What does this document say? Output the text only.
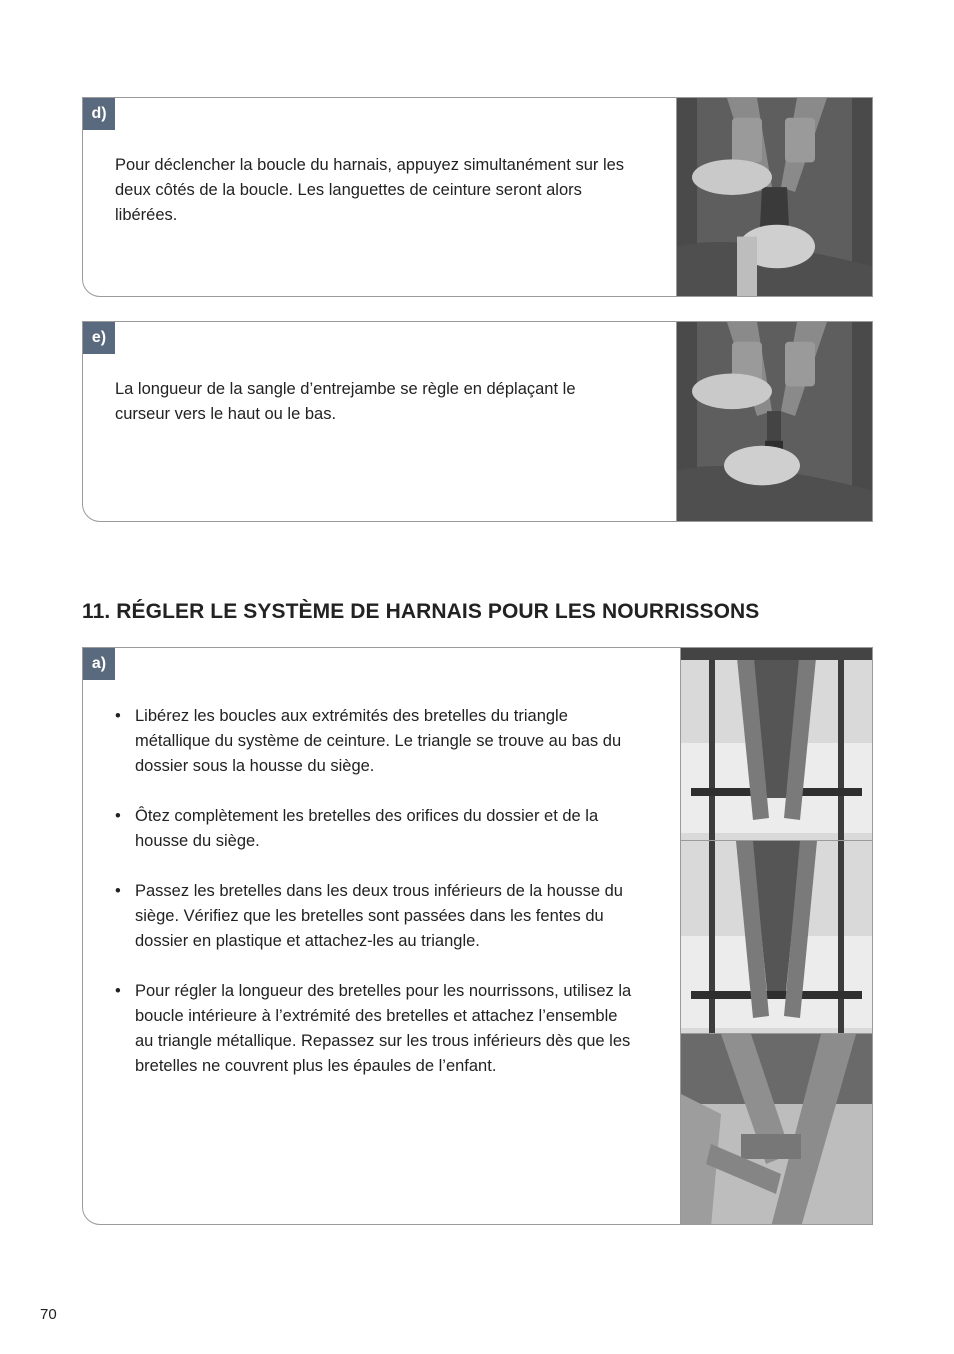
d)

Pour déclencher la boucle du harnais, appuyez simultanément sur les deux côtés de la boucle. Les languettes de ceinture seront alors libérées.

e)

La longueur de la sangle d’entrejambe se règle en déplaçant le curseur vers le haut ou le bas.

11. RÉGLER LE SYSTÈME DE HARNAIS POUR LES NOURRISSONS
a)
• Libérez les boucles aux extrémités des bretelles du triangle métallique du système de ceinture. Le triangle se trouve au bas du dossier sous la housse du siège.
• Ôtez complètement les bretelles des orifices du dossier et de la housse du siège.
• Passez les bretelles dans les deux trous inférieurs de la housse du siège. Vérifiez que les bretelles sont passées dans les fentes du dossier en plastique et attachez-les au triangle.
• Pour régler la longueur des bretelles pour les nourrissons, utilisez la boucle intérieure à l’extrémité des bretelles et attachez l’ensemble au triangle métallique. Repassez sur les trous inférieurs dès que les bretelles ne couvrent plus les épaules de l’enfant.
70
